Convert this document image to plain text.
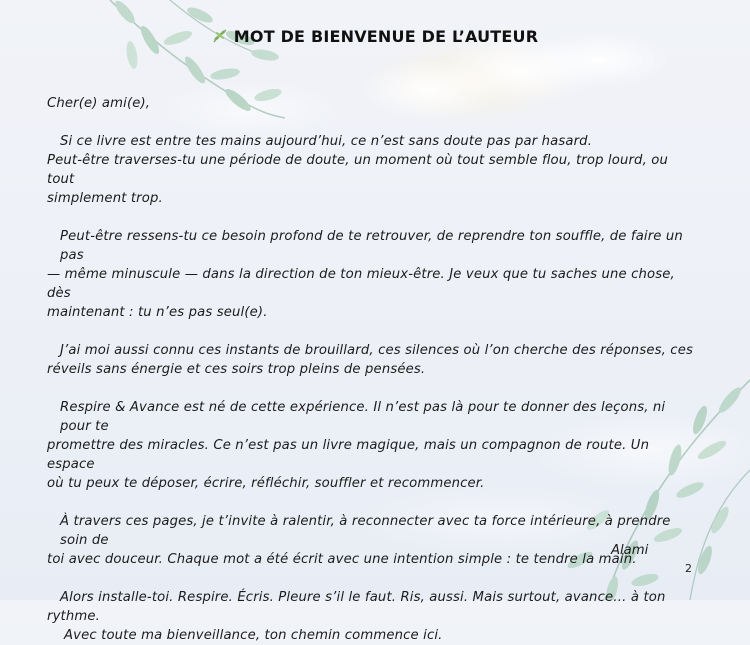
MOT DE BIENVENUE DE L’AUTEUR

Cher(e) ami(e),

Si ce livre est entre tes mains aujourd’hui, ce n’est sans doute pas par hasard.

Peut-être traverses-tu une période de doute, un moment où tout semble flou, trop lourd, ou tout

simplement trop.

Peut-être ressens-tu ce besoin profond de te retrouver, de reprendre ton souffle, de faire un pas

— même minuscule — dans la direction de ton mieux-être. Je veux que tu saches une chose, dès

maintenant : tu n’es pas seul(e).

J’ai moi aussi connu ces instants de brouillard, ces silences où l’on cherche des réponses, ces

réveils sans énergie et ces soirs trop pleins de pensées.

Respire & Avance est né de cette expérience. Il n’est pas là pour te donner des leçons, ni pour te

promettre des miracles. Ce n’est pas un livre magique, mais un compagnon de route. Un espace

où tu peux te déposer, écrire, réfléchir, souffler et recommencer.

À travers ces pages, je t’invite à ralentir, à reconnecter avec ta force intérieure, à prendre soin de

toi avec douceur. Chaque mot a été écrit avec une intention simple : te tendre la main.

Alors installe-toi. Respire. Écris. Pleure s’il le faut. Ris, aussi. Mais surtout, avance… à ton

rythme.

Avec toute ma bienveillance, ton chemin commence ici.

Alami
2
